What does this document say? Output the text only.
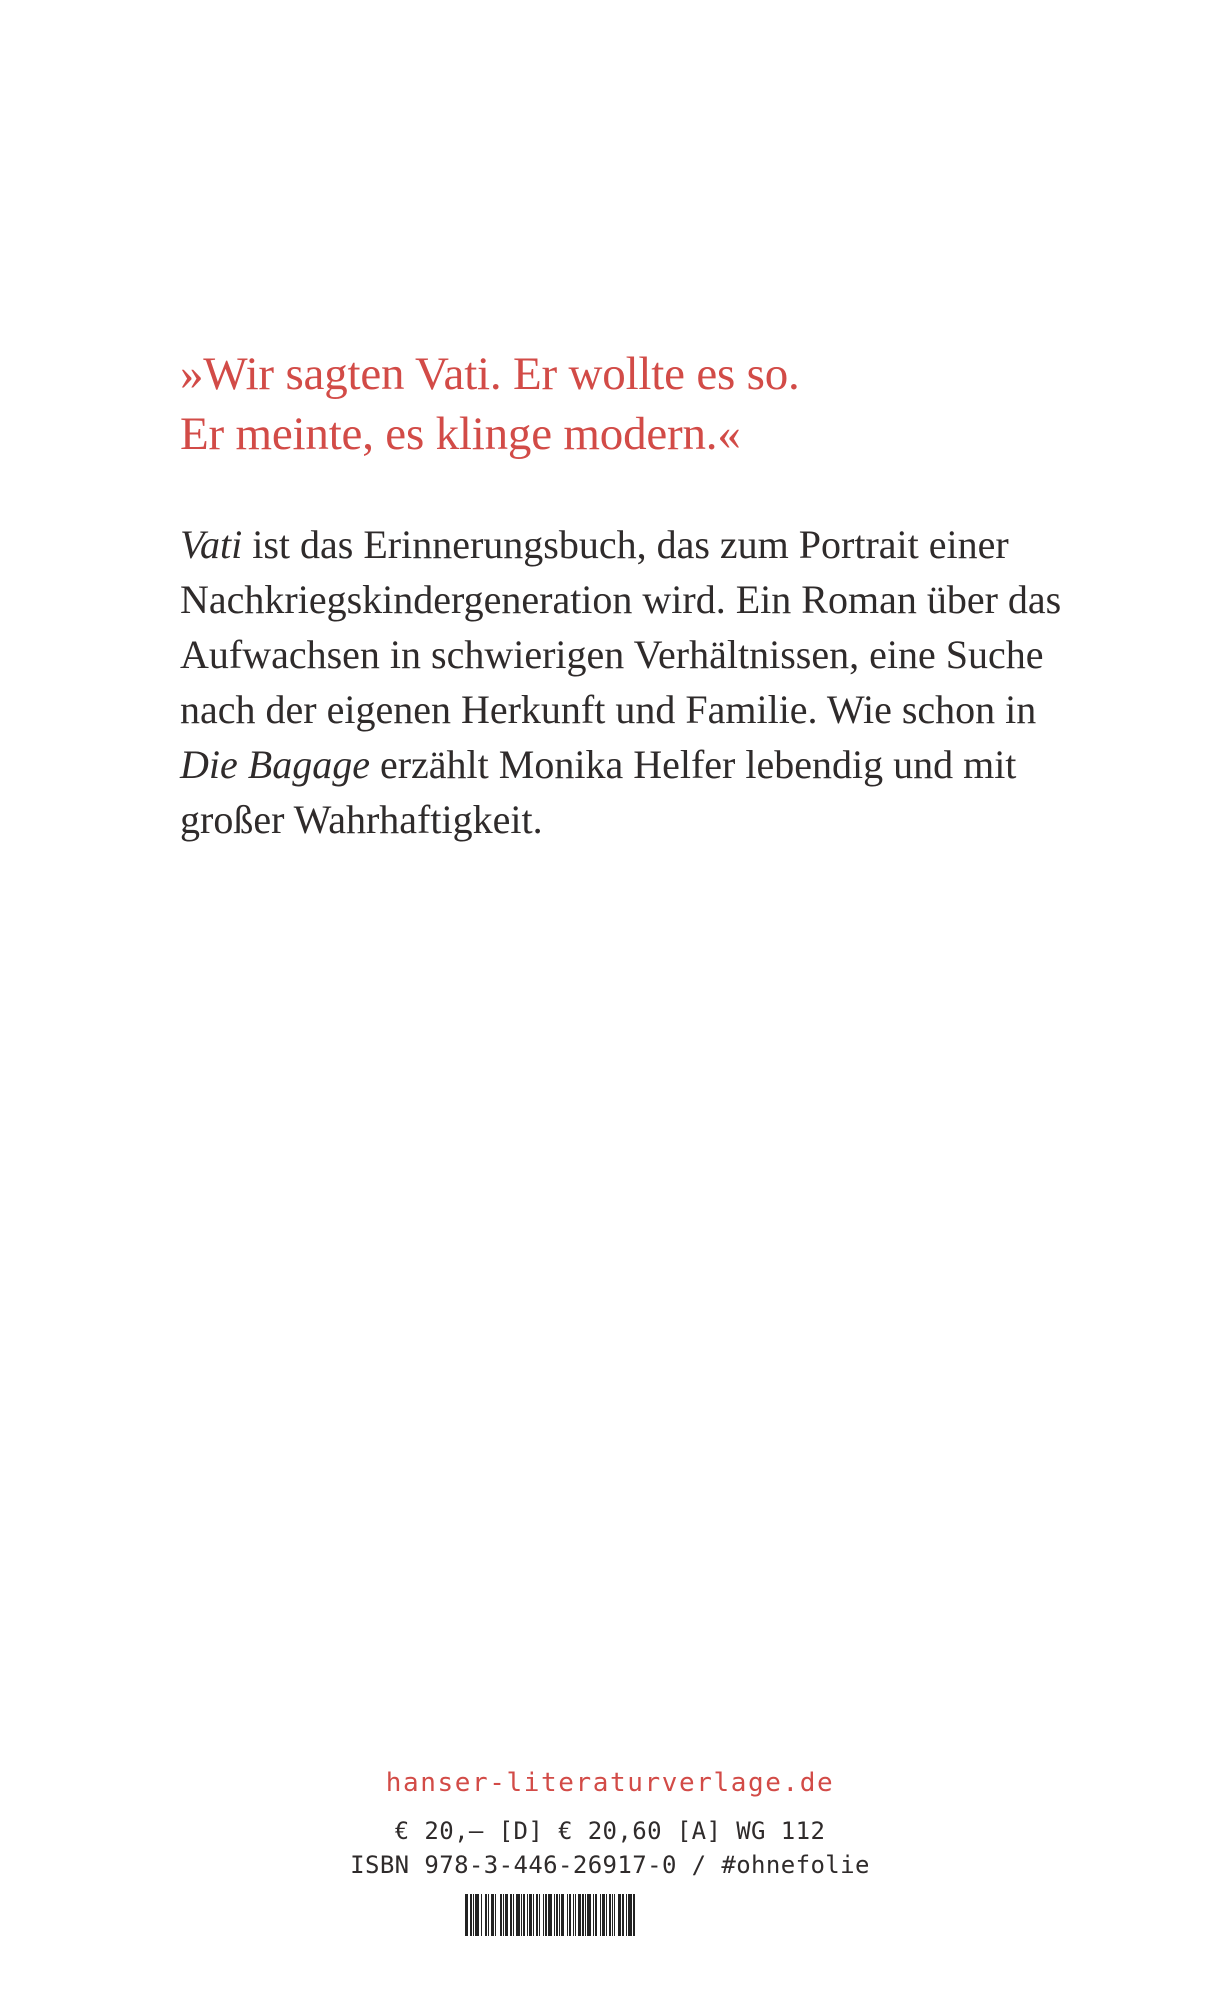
»Wir sagten Vati. Er wollte es so.
Er meinte, es klinge modern.«

Vati ist das Erinnerungsbuch, das zum Portrait einer
Nachkriegskindergeneration wird. Ein Roman über das
Aufwachsen in schwierigen Verhältnissen, eine Suche
nach der eigenen Herkunft und Familie. Wie schon in
Die Bagage erzählt Monika Helfer lebendig und mit
großer Wahrhaftigkeit.

hanser-literaturverlage.de
€ 20,– [D] € 20,60 [A] WG 112
ISBN 978-3-446-26917-0 / #ohnefolie
